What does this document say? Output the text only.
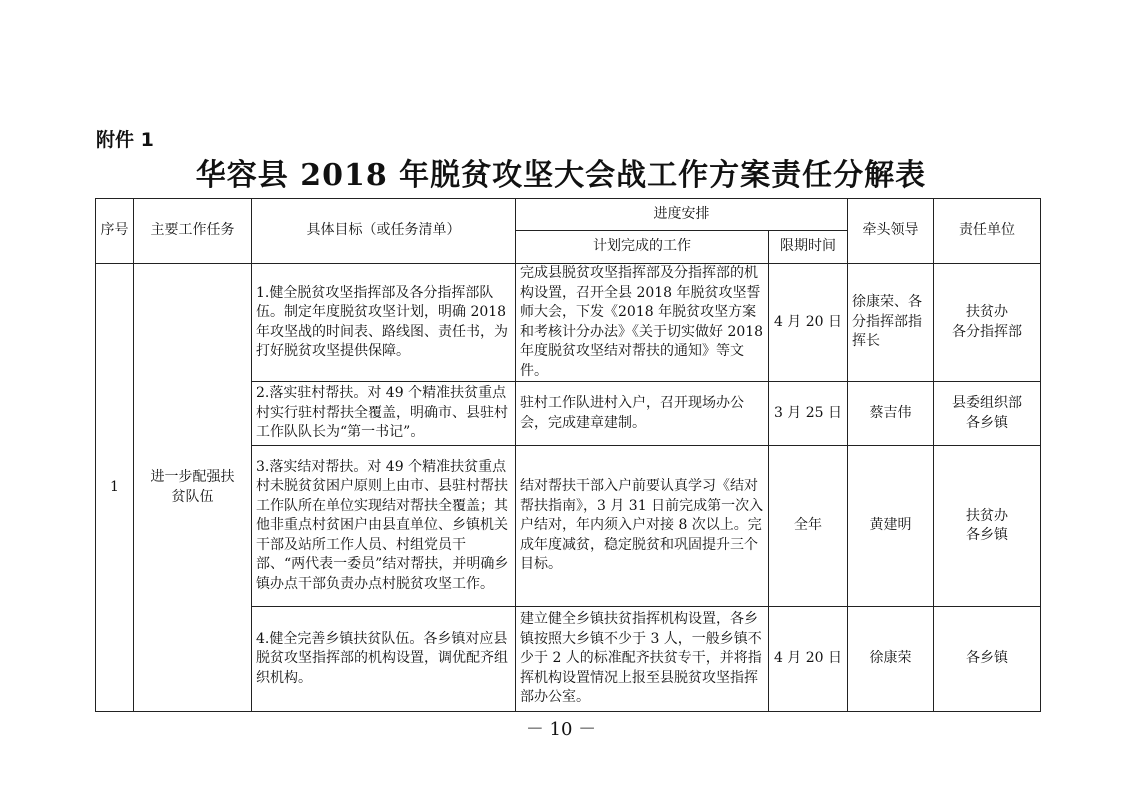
附件 1
华容县 2018 年脱贫攻坚大会战工作方案责任分解表
序号	主要工作任务	具体目标（或任务清单）	进度安排		牵头领导	责任单位
			计划完成的工作	限期时间		
1	进一步配强扶贫队伍	1.健全脱贫攻坚指挥部及各分指挥部队伍。制定年度脱贫攻坚计划，明确 2018 年攻坚战的时间表、路线图、责任书，为打好脱贫攻坚提供保障。	完成县脱贫攻坚指挥部及分指挥部的机构设置，召开全县 2018 年脱贫攻坚誓师大会，下发《2018 年脱贫攻坚方案和考核计分办法》《关于切实做好 2018 年度脱贫攻坚结对帮扶的通知》等文件。	4 月 20 日	徐康荣、各分指挥部指挥长	扶贫办
各分指挥部
		2.落实驻村帮扶。对 49 个精准扶贫重点村实行驻村帮扶全覆盖，明确市、县驻村工作队队长为“第一书记”。	驻村工作队进村入户，召开现场办公会，完成建章建制。	3 月 25 日	蔡吉伟	县委组织部
各乡镇
		3.落实结对帮扶。对 49 个精准扶贫重点村未脱贫贫困户原则上由市、县驻村帮扶工作队所在单位实现结对帮扶全覆盖；其他非重点村贫困户由县直单位、乡镇机关干部及站所工作人员、村组党员干部、“两代表一委员”结对帮扶，并明确乡镇办点干部负责办点村脱贫攻坚工作。	结对帮扶干部入户前要认真学习《结对帮扶指南》，3 月 31 日前完成第一次入户结对，年内须入户对接 8 次以上。完成年度减贫，稳定脱贫和巩固提升三个目标。	全年	黄建明	扶贫办
各乡镇
		4.健全完善乡镇扶贫队伍。各乡镇对应县脱贫攻坚指挥部的机构设置，调优配齐组织机构。	建立健全乡镇扶贫指挥机构设置，各乡镇按照大乡镇不少于 3 人，一般乡镇不少于 2 人的标准配齐扶贫专干，并将指挥机构设置情况上报至县脱贫攻坚指挥部办公室。	4 月 20 日	徐康荣	各乡镇
－ 10 －
